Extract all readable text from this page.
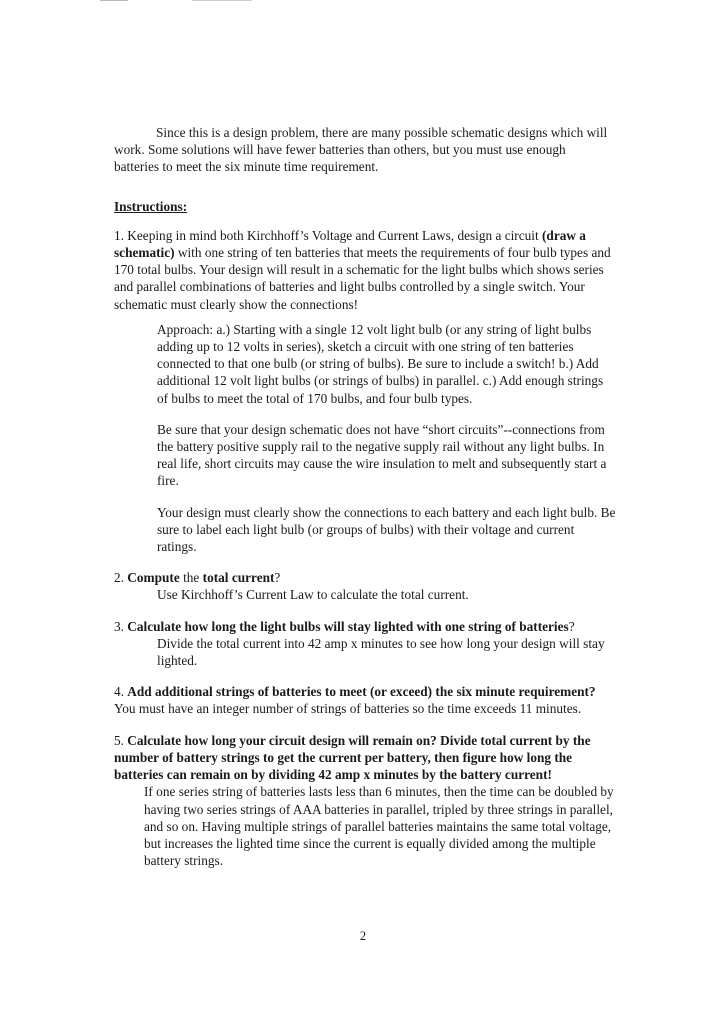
Since this is a design problem, there are many possible schematic designs which will work. Some solutions will have fewer batteries than others, but you must use enough batteries to meet the six minute time requirement.

Instructions:

1. Keeping in mind both Kirchhoff’s Voltage and Current Laws, design a circuit (draw a schematic) with one string of ten batteries that meets the requirements of four bulb types and 170 total bulbs. Your design will result in a schematic for the light bulbs which shows series and parallel combinations of batteries and light bulbs controlled by a single switch. Your schematic must clearly show the connections!

Approach: a.) Starting with a single 12 volt light bulb (or any string of light bulbs adding up to 12 volts in series), sketch a circuit with one string of ten batteries connected to that one bulb (or string of bulbs). Be sure to include a switch! b.) Add additional 12 volt light bulbs (or strings of bulbs) in parallel. c.) Add enough strings of bulbs to meet the total of 170 bulbs, and four bulb types.

Be sure that your design schematic does not have “short circuits”--connections from the battery positive supply rail to the negative supply rail without any light bulbs. In real life, short circuits may cause the wire insulation to melt and subsequently start a fire.

Your design must clearly show the connections to each battery and each light bulb. Be sure to label each light bulb (or groups of bulbs) with their voltage and current ratings.

2. Compute the total current?

Use Kirchhoff’s Current Law to calculate the total current.

3. Calculate how long the light bulbs will stay lighted with one string of batteries?

Divide the total current into 42 amp x minutes to see how long your design will stay lighted.

4. Add additional strings of batteries to meet (or exceed) the six minute requirement? You must have an integer number of strings of batteries so the time exceeds 11 minutes.

5. Calculate how long your circuit design will remain on? Divide total current by the number of battery strings to get the current per battery, then figure how long the batteries can remain on by dividing 42 amp x minutes by the battery current!

If one series string of batteries lasts less than 6 minutes, then the time can be doubled by having two series strings of AAA batteries in parallel, tripled by three strings in parallel, and so on. Having multiple strings of parallel batteries maintains the same total voltage, but increases the lighted time since the current is equally divided among the multiple battery strings.

2
